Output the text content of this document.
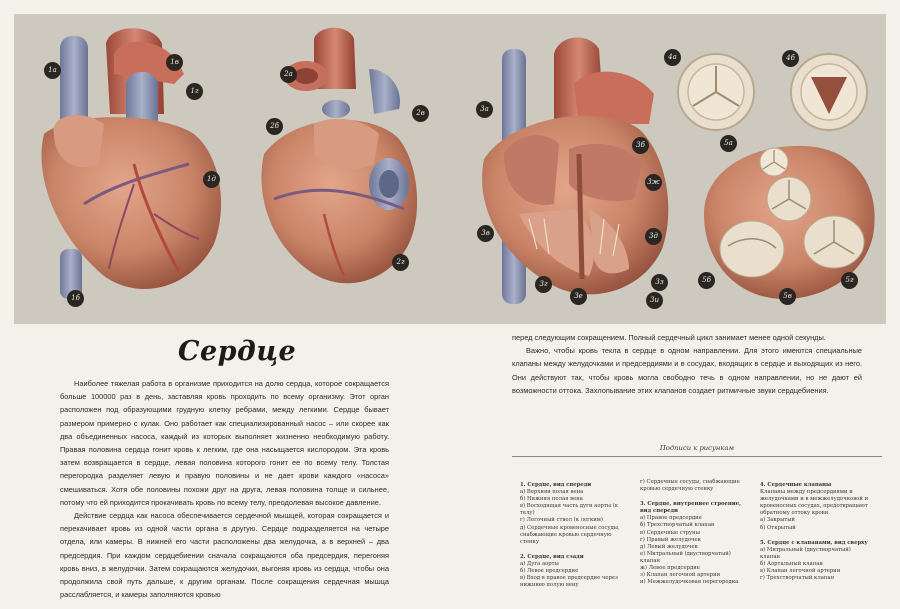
1а
1в
1г
1д
1б
2а
2б
2в
2г
3а
3б
3ж
3в
3г
3е
3з
3д
3и
4а	4б
5а
5б
5в
5г
Сердце

Наиболее тяжелая работа в организме приходится на долю сердца, которое сокращается больше 100000 раз в день, заставляя кровь проходить по всему организму. Этот орган расположен под образующими грудную клетку ребрами, между легкими. Сердце бывает размером примерно с кулак. Оно работает как специализированный насос – или скорее как два объединенных насоса, каждый из которых выполняет жизненно необходимую работу. Правая половина сердца гонит кровь к легким, где она насыщается кислородом. Эта кровь затем возвращается в сердце, левая половина которого гонит ее по всему телу. Толстая перегородка разделяет левую и правую половины и не дает крови каждого «насоса» смешиваться. Хотя обе половины похожи друг на друга, левая половина толще и сильнее, потому что ей приходится прокачивать кровь по всему телу, преодолевая высокое давление.

Действие сердца как насоса обеспечивается сердечной мышцей, которая сокращается и перекачивает кровь из одной части органа в другую. Сердце подразделяется на четыре отдела, или камеры. В нижней его части расположены два желудочка, а в верхней – два предсердия. При каждом сердцебиении сначала сокращаются оба предсердия, перегоняя кровь вниз, в желудочки. Затем сокращаются желудочки, выгоняя кровь из сердца, чтобы она продолжила свой путь дальше, к другим органам. После сокращения сердечная мышца расслабляется, и камеры заполняются кровью

перед следующим сокращением. Полный сердечный цикл занимает менее одной секунды.

Важно, чтобы кровь текла в сердце в одном направлении. Для этого имеются специальные клапаны между желудочками и предсердиями и в сосудах, входящих в сердце и выходящих из него. Они действуют так, чтобы кровь могла свободно течь в одном направлении, но не дают ей возможности оттока. Захлопывание этих клапанов создает ритмичные звуки сердцебиения.

Подписи к рисункам
1. Сердце, вид спереди
а) Верхняя полая вена
б) Нижняя полая вена
в) Восходящая часть дуги аорты (к телу)
г) Легочный ствол (к легким)
д) Сердечные кровеносные сосуды, снабжающие кровью сердечную стенку
2. Сердце, вид сзади
а) Дуга аорты
б) Левое предсердие
в) Вход в правое предсердие через нижнюю полую вену
г) Сердечные сосуды, снабжающие кровью сердечную стенку
3. Сердце, внутреннее строение, вид спереди
а) Правое предсердие
б) Трехстворчатый клапан
в) Сердечные струны
г) Правый желудочек
д) Левый желудочек
е) Митральный (двустворчатый) клапан
ж) Левое предсердие
з) Клапан легочной артерии
и) Межжелудочковая перегородка
4. Сердечные клапаны
Клапаны между предсердиями и желудочками и в межжелудочковой и кровеносных сосудах, предотвращают обратному оттоку крови.
а) Закрытый
б) Открытый
5. Сердце с клапанами, вид сверху
а) Митральный (двустворчатый) клапан
б) Аортальный клапан
в) Клапан легочной артерии
г) Трехстворчатый клапан
